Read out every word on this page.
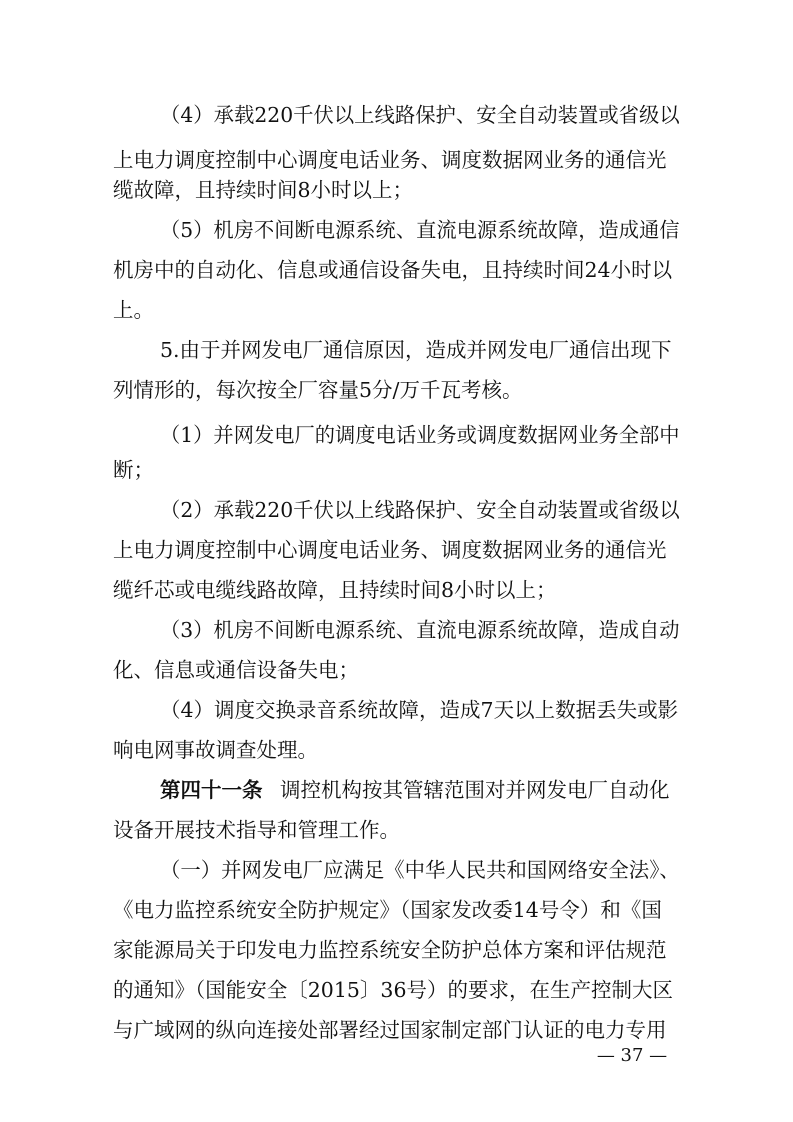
（4）承载220千伏以上线路保护、安全自动装置或省级以
上电力调度控制中心调度电话业务、调度数据网业务的通信光
缆故障，且持续时间8小时以上；
（5）机房不间断电源系统、直流电源系统故障，造成通信
机房中的自动化、信息或通信设备失电，且持续时间24小时以
上。
5.由于并网发电厂通信原因，造成并网发电厂通信出现下
列情形的，每次按全厂容量5分/万千瓦考核。
（1）并网发电厂的调度电话业务或调度数据网业务全部中
断；
（2）承载220千伏以上线路保护、安全自动装置或省级以
上电力调度控制中心调度电话业务、调度数据网业务的通信光
缆纤芯或电缆线路故障，且持续时间8小时以上；
（3）机房不间断电源系统、直流电源系统故障，造成自动
化、信息或通信设备失电；
（4）调度交换录音系统故障，造成7天以上数据丢失或影
响电网事故调查处理。
第四十一条 调控机构按其管辖范围对并网发电厂自动化
设备开展技术指导和管理工作。
（一）并网发电厂应满足《中华人民共和国网络安全法》、
《电力监控系统安全防护规定》（国家发改委14号令）和《国
家能源局关于印发电力监控系统安全防护总体方案和评估规范
的通知》（国能安全〔2015〕36号）的要求，在生产控制大区
与广域网的纵向连接处部署经过国家制定部门认证的电力专用
— 37 —
